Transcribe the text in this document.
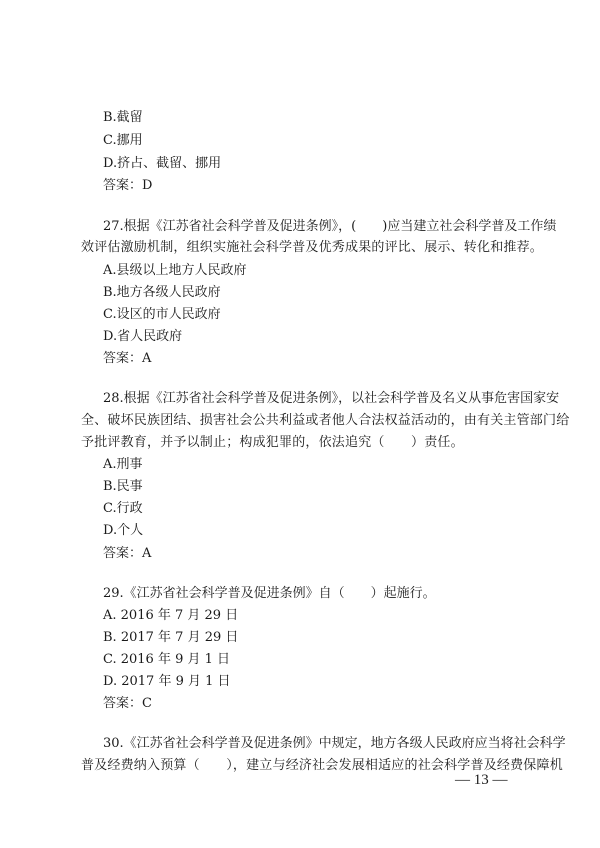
B.截留
C.挪用
D.挤占、截留、挪用
答案：D
27.根据《江苏省社会科学普及促进条例》，(　　)应当建立社会科学普及工作绩
效评估激励机制，组织实施社会科学普及优秀成果的评比、展示、转化和推荐。
A.县级以上地方人民政府
B.地方各级人民政府
C.设区的市人民政府
D.省人民政府
答案：A
28.根据《江苏省社会科学普及促进条例》，以社会科学普及名义从事危害国家安
全、破坏民族团结、损害社会公共利益或者他人合法权益活动的，由有关主管部门给
予批评教育，并予以制止；构成犯罪的，依法追究（　　）责任。
A.刑事
B.民事
C.行政
D.个人
答案：A
29.《江苏省社会科学普及促进条例》自（　　）起施行。
A. 2016 年 7 月 29 日
B. 2017 年 7 月 29 日
C. 2016 年 9 月 1 日
D. 2017 年 9 月 1 日
答案：C
30.《江苏省社会科学普及促进条例》中规定，地方各级人民政府应当将社会科学
普及经费纳入预算（　　），建立与经济社会发展相适应的社会科学普及经费保障机
— 13 —
